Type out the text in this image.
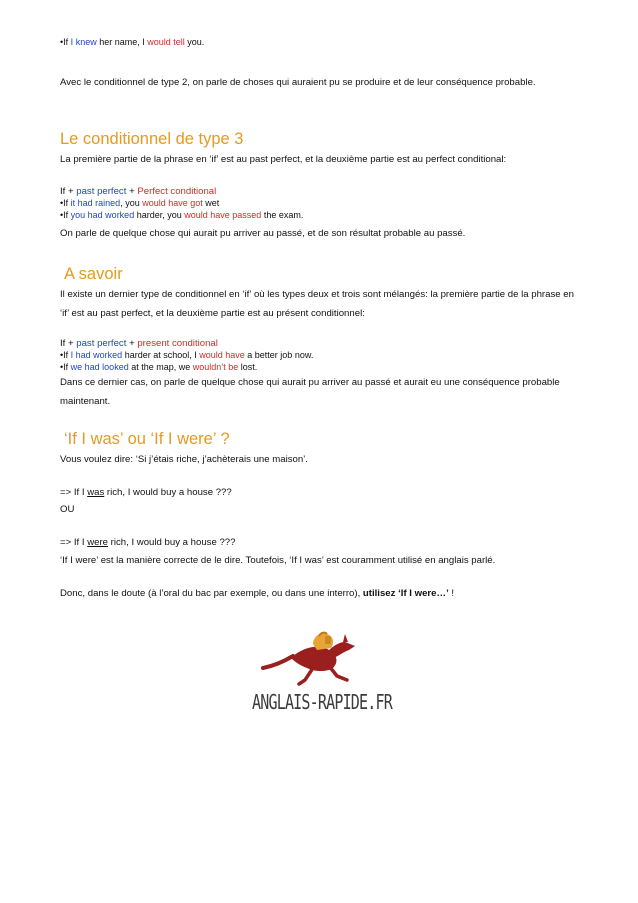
•If I knew her name, I would tell you.
Avec le conditionnel de type 2, on parle de choses qui auraient pu se produire et de leur conséquence probable.
Le conditionnel de type 3
La première partie de la phrase en ‘if’ est au past perfect, et la deuxième partie est au perfect conditional:
If + past perfect + Perfect conditional
•If it had rained, you would have got wet
•If you had worked harder, you would have passed the exam.
On parle de quelque chose qui aurait pu arriver au passé, et de son résultat probable au passé.
A savoir
Il existe un dernier type de conditionnel en ‘if’ où les types deux et trois sont mélangés: la première partie de la phrase en ‘if’ est au past perfect, et la deuxième partie est au présent conditionnel:
If + past perfect + present conditional
•If I had worked harder at school, I would have a better job now.
•If we had looked at the map, we wouldn’t be lost.
Dans ce dernier cas, on parle de quelque chose qui aurait pu arriver au passé et aurait eu une conséquence probable maintenant.
‘If I was’ ou ‘If I were’ ?
Vous voulez dire: ‘Si j’étais riche, j’achèterais une maison’.
=> If I was rich, I would buy a house ???
OU
=> If I were rich, I would buy a house ???
‘If I were’ est la manière correcte de le dire. Toutefois, ‘If I was’ est couramment utilisé en anglais parlé.
Donc, dans le doute (à l’oral du bac par exemple, ou dans une interro), utilisez ‘If I were…’ !
ANGLAIS-RAPIDE.FR
